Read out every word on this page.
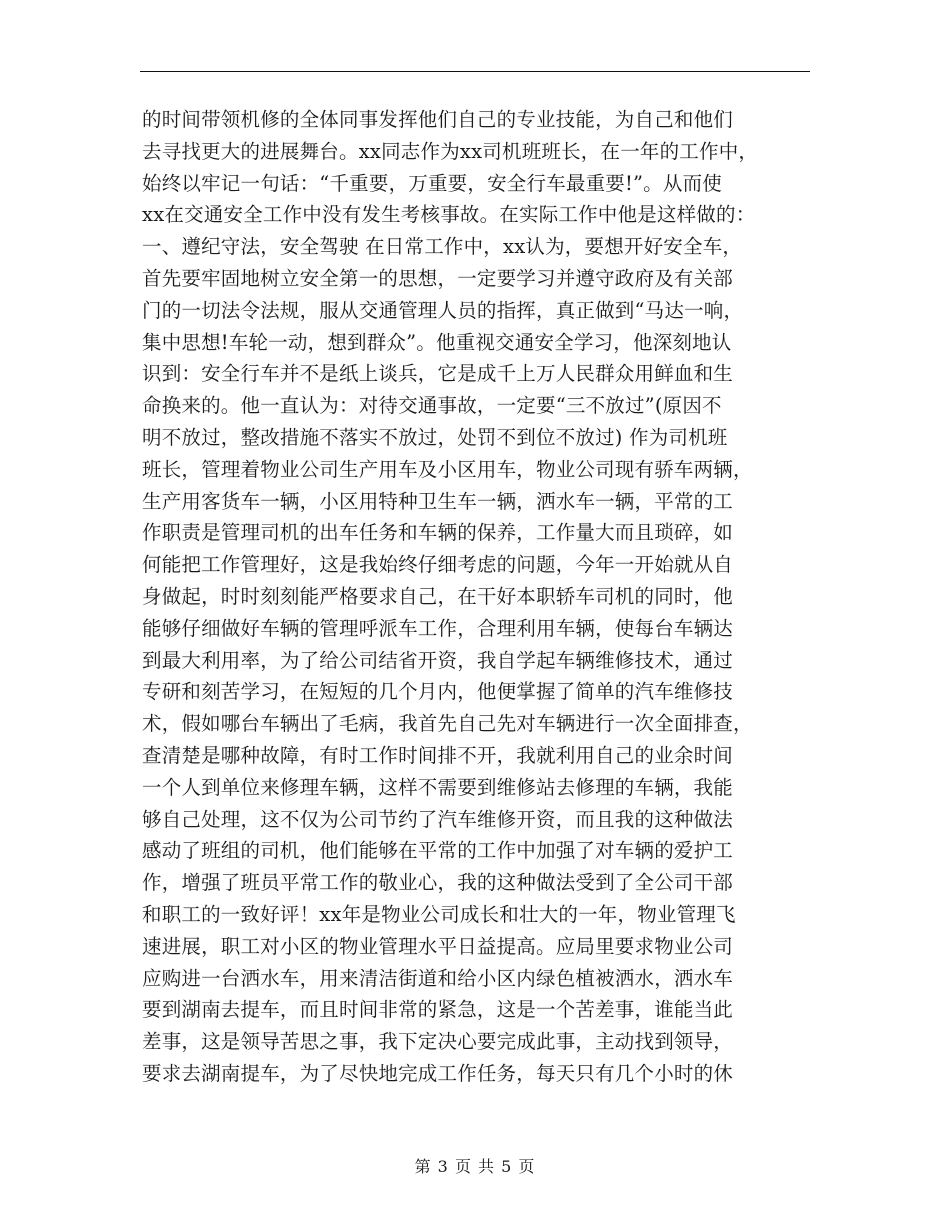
的时间带领机修的全体同事发挥他们自己的专业技能，为自己和他们
去寻找更大的进展舞台。xx同志作为xx司机班班长，在一年的工作中，
始终以牢记一句话：“千重要，万重要，安全行车最重要!”。从而使
xx在交通安全工作中没有发生考核事故。在实际工作中他是这样做的：
一、遵纪守法，安全驾驶 在日常工作中，xx认为，要想开好安全车，
首先要牢固地树立安全第一的思想，一定要学习并遵守政府及有关部
门的一切法令法规，服从交通管理人员的指挥，真正做到“马达一响，
集中思想!车轮一动，想到群众”。他重视交通安全学习，他深刻地认
识到：安全行车并不是纸上谈兵，它是成千上万人民群众用鲜血和生
命换来的。他一直认为：对待交通事故，一定要“三不放过”(原因不
明不放过，整改措施不落实不放过，处罚不到位不放过) 作为司机班
班长，管理着物业公司生产用车及小区用车，物业公司现有骄车两辆，
生产用客货车一辆，小区用特种卫生车一辆，洒水车一辆，平常的工
作职责是管理司机的出车任务和车辆的保养，工作量大而且琐碎，如
何能把工作管理好，这是我始终仔细考虑的问题，今年一开始就从自
身做起，时时刻刻能严格要求自己，在干好本职轿车司机的同时，他
能够仔细做好车辆的管理呼派车工作，合理利用车辆，使每台车辆达
到最大利用率，为了给公司结省开资，我自学起车辆维修技术，通过
专研和刻苦学习，在短短的几个月内，他便掌握了简单的汽车维修技
术，假如哪台车辆出了毛病，我首先自己先对车辆进行一次全面排查，
查清楚是哪种故障，有时工作时间排不开，我就利用自己的业余时间
一个人到单位来修理车辆，这样不需要到维修站去修理的车辆，我能
够自己处理，这不仅为公司节约了汽车维修开资，而且我的这种做法
感动了班组的司机，他们能够在平常的工作中加强了对车辆的爱护工
作，增强了班员平常工作的敬业心，我的这种做法受到了全公司干部
和职工的一致好评！xx年是物业公司成长和壮大的一年，物业管理飞
速进展，职工对小区的物业管理水平日益提高。应局里要求物业公司
应购进一台洒水车，用来清洁街道和给小区内绿色植被洒水，洒水车
要到湖南去提车，而且时间非常的紧急，这是一个苦差事，谁能当此
差事，这是领导苦思之事，我下定决心要完成此事，主动找到领导，
要求去湖南提车，为了尽快地完成工作任务，每天只有几个小时的休
第 3 页 共 5 页
